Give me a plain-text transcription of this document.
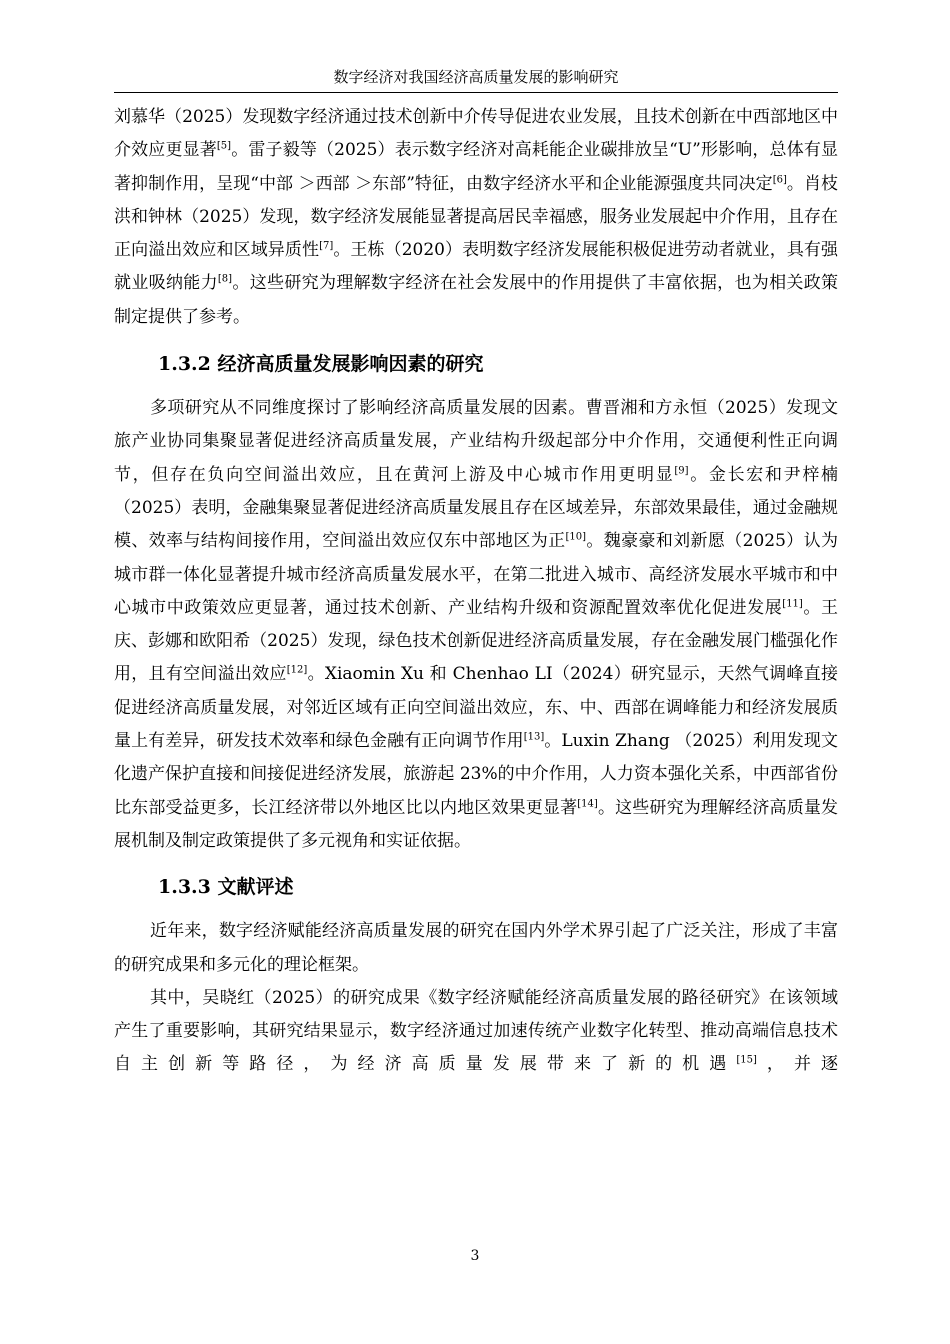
数字经济对我国经济高质量发展的影响研究

刘慕华（2025）发现数字经济通过技术创新中介传导促进农业发展，且技术创新在中西部地区中介效应更显著[5]。雷子毅等（2025）表示数字经济对高耗能企业碳排放呈“U”形影响，总体有显著抑制作用，呈现“中部 ＞西部 ＞东部”特征，由数字经济水平和企业能源强度共同决定[6]。肖枝洪和钟林（2025）发现，数字经济发展能显著提高居民幸福感，服务业发展起中介作用，且存在正向溢出效应和区域异质性[7]。王栋（2020）表明数字经济发展能积极促进劳动者就业，具有强就业吸纳能力[8]。这些研究为理解数字经济在社会发展中的作用提供了丰富依据，也为相关政策制定提供了参考。

1.3.2 经济高质量发展影响因素的研究

多项研究从不同维度探讨了影响经济高质量发展的因素。曹晋湘和方永恒（2025）发现文旅产业协同集聚显著促进经济高质量发展，产业结构升级起部分中介作用，交通便利性正向调节，但存在负向空间溢出效应，且在黄河上游及中心城市作用更明显[9]。金长宏和尹梓楠（2025）表明，金融集聚显著促进经济高质量发展且存在区域差异，东部效果最佳，通过金融规模、效率与结构间接作用，空间溢出效应仅东中部地区为正[10]。魏豪豪和刘新愿（2025）认为城市群一体化显著提升城市经济高质量发展水平，在第二批进入城市、高经济发展水平城市和中心城市中政策效应更显著，通过技术创新、产业结构升级和资源配置效率优化促进发展[11]。王庆、彭娜和欧阳希（2025）发现，绿色技术创新促进经济高质量发展，存在金融发展门槛强化作用，且有空间溢出效应[12]。Xiaomin Xu 和 Chenhao LI（2024）研究显示，天然气调峰直接促进经济高质量发展，对邻近区域有正向空间溢出效应，东、中、西部在调峰能力和经济发展质量上有差异，研发技术效率和绿色金融有正向调节作用[13]。Luxin Zhang （2025）利用发现文化遗产保护直接和间接促进经济发展，旅游起 23%的中介作用，人力资本强化关系，中西部省份比东部受益更多，长江经济带以外地区比以内地区效果更显著[14]。这些研究为理解经济高质量发展机制及制定政策提供了多元视角和实证依据。

1.3.3 文献评述

近年来，数字经济赋能经济高质量发展的研究在国内外学术界引起了广泛关注，形成了丰富的研究成果和多元化的理论框架。

其中，吴晓红（2025）的研究成果《数字经济赋能经济高质量发展的路径研究》在该领域产生了重要影响，其研究结果显示，数字经济通过加速传统产业数字化转型、推动高端信息技术自主创新等路径，为经济高质量发展带来了新的机遇[15]，并逐

3
